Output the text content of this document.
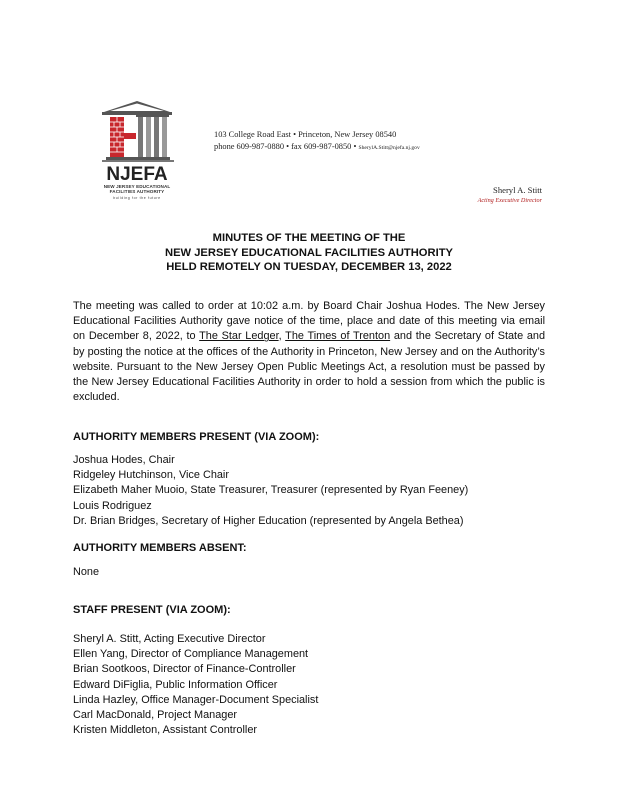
NJEFA
NEW JERSEY EDUCATIONAL
FACILITIES AUTHORITY
building for the future
103 College Road East • Princeton, New Jersey 08540
phone 609-987-0880 • fax 609-987-0850 • SherylA.Stitt@njefa.nj.gov
Sheryl A. Stitt
Acting Executive Director
MINUTES OF THE MEETING OF THE
NEW JERSEY EDUCATIONAL FACILITIES AUTHORITY
HELD REMOTELY ON TUESDAY, DECEMBER 13, 2022
The meeting was called to order at 10:02 a.m. by Board Chair Joshua Hodes. The New Jersey Educational Facilities Authority gave notice of the time, place and date of this meeting via email on December 8, 2022, to The Star Ledger, The Times of Trenton and the Secretary of State and by posting the notice at the offices of the Authority in Princeton, New Jersey and on the Authority’s website. Pursuant to the New Jersey Open Public Meetings Act, a resolution must be passed by the New Jersey Educational Facilities Authority in order to hold a session from which the public is excluded.
AUTHORITY MEMBERS PRESENT (VIA ZOOM):
Joshua Hodes, Chair
Ridgeley Hutchinson, Vice Chair
Elizabeth Maher Muoio, State Treasurer, Treasurer (represented by Ryan Feeney)
Louis Rodriguez
Dr. Brian Bridges, Secretary of Higher Education (represented by Angela Bethea)
AUTHORITY MEMBERS ABSENT:
None
STAFF PRESENT (VIA ZOOM):
Sheryl A. Stitt, Acting Executive Director
Ellen Yang, Director of Compliance Management
Brian Sootkoos, Director of Finance-Controller
Edward DiFiglia, Public Information Officer
Linda Hazley, Office Manager-Document Specialist
Carl MacDonald, Project Manager
Kristen Middleton, Assistant Controller
